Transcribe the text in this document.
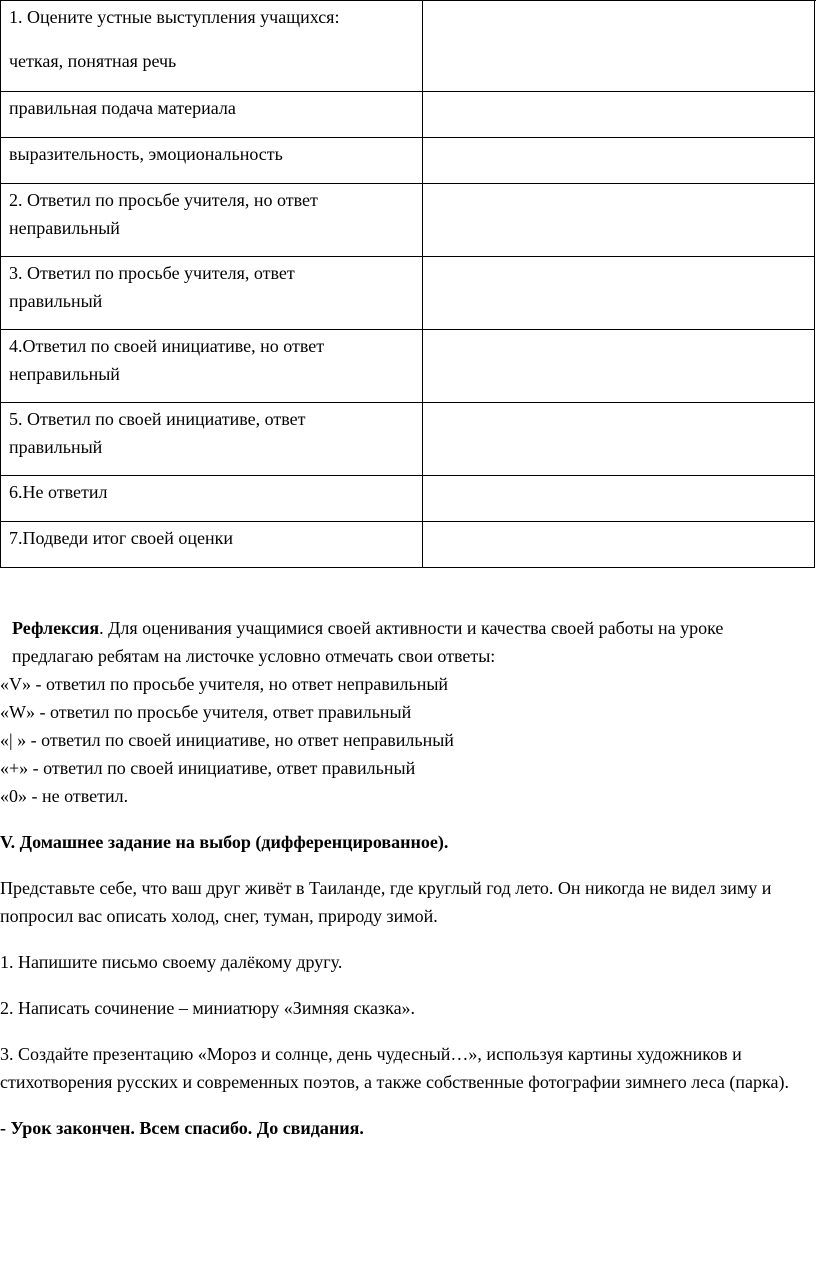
1. Оцените устные выступления учащихся:
четкая, понятная речь	

правильная подача материала	

выразительность, эмоциональность	

2. Ответил по просьбе учителя, но ответ
неправильный	

3. Ответил по просьбе учителя, ответ
правильный	

4.Ответил по своей инициативе, но ответ
неправильный	

5. Ответил по своей инициативе, ответ
правильный	

6.Не ответил	

7.Подведи итог своей оценки	

Рефлексия. Для оценивания учащимися своей активности и качества своей работы на уроке предлагаю ребятам на листочке условно отмечать свои ответы:

«V» - ответил по просьбе учителя, но ответ неправильный

«W» - ответил по просьбе учителя, ответ правильный

«| » - ответил по своей инициативе, но ответ неправильный

«+» - ответил по своей инициативе, ответ правильный

«0» - не ответил.

V. Домашнее задание на выбор (дифференцированное).

Представьте себе, что ваш друг живёт в Таиланде, где круглый год лето. Он никогда не видел зиму и попросил вас описать холод, снег, туман, природу зимой.

1. Напишите письмо своему далёкому другу.

2. Написать сочинение – миниатюру «Зимняя сказка».

3. Создайте презентацию «Мороз и солнце, день чудесный…», используя картины художников и стихотворения русских и современных поэтов, а также собственные фотографии зимнего леса (парка).

- Урок закончен. Всем спасибо. До свидания.
